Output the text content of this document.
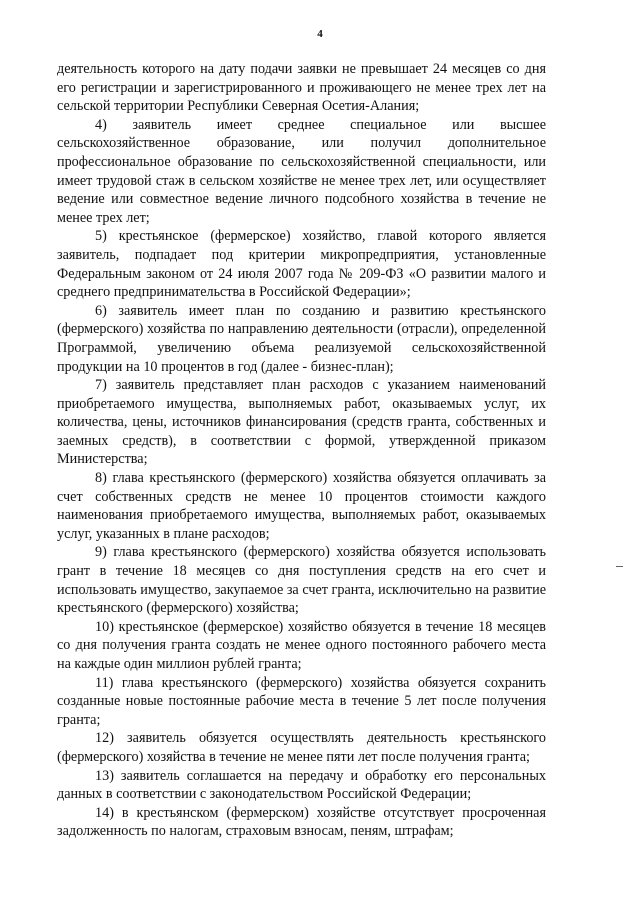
4

деятельность которого на дату подачи заявки не превышает 24 месяцев со дня его регистрации и зарегистрированного и проживающего не менее трех лет на сельской территории Республики Северная Осетия-Алания;

4) заявитель имеет среднее специальное или высшее сельскохозяйственное образование, или получил дополнительное профессиональное образование по сельскохозяйственной специальности, или имеет трудовой стаж в сельском хозяйстве не менее трех лет, или осуществляет ведение или совместное ведение личного подсобного хозяйства в течение не менее трех лет;

5) крестьянское (фермерское) хозяйство, главой которого является заявитель, подпадает под критерии микропредприятия, установленные Федеральным законом от 24 июля 2007 года № 209-ФЗ «О развитии малого и среднего предпринимательства в Российской Федерации»;

6) заявитель имеет план по созданию и развитию крестьянского (фермерского) хозяйства по направлению деятельности (отрасли), определенной Программой, увеличению объема реализуемой сельскохозяйственной продукции на 10 процентов в год (далее - бизнес-план);

7) заявитель представляет план расходов с указанием наименований приобретаемого имущества, выполняемых работ, оказываемых услуг, их количества, цены, источников финансирования (средств гранта, собственных и заемных средств), в соответствии с формой, утвержденной приказом Министерства;

8) глава крестьянского (фермерского) хозяйства обязуется оплачивать за счет собственных средств не менее 10 процентов стоимости каждого наименования приобретаемого имущества, выполняемых работ, оказываемых услуг, указанных в плане расходов;

9) глава крестьянского (фермерского) хозяйства обязуется использовать грант в течение 18 месяцев со дня поступления средств на его счет и использовать имущество, закупаемое за счет гранта, исключительно на развитие крестьянского (фермерского) хозяйства;

10) крестьянское (фермерское) хозяйство обязуется в течение 18 месяцев со дня получения гранта создать не менее одного постоянного рабочего места на каждые один миллион рублей гранта;

11) глава крестьянского (фермерского) хозяйства обязуется сохранить созданные новые постоянные рабочие места в течение 5 лет после получения гранта;

12) заявитель обязуется осуществлять деятельность крестьянского (фермерского) хозяйства в течение не менее пяти лет после получения гранта;

13) заявитель соглашается на передачу и обработку его персональных данных в соответствии с законодательством Российской Федерации;

14) в крестьянском (фермерском) хозяйстве отсутствует просроченная задолженность по налогам, страховым взносам, пеням, штрафам;
